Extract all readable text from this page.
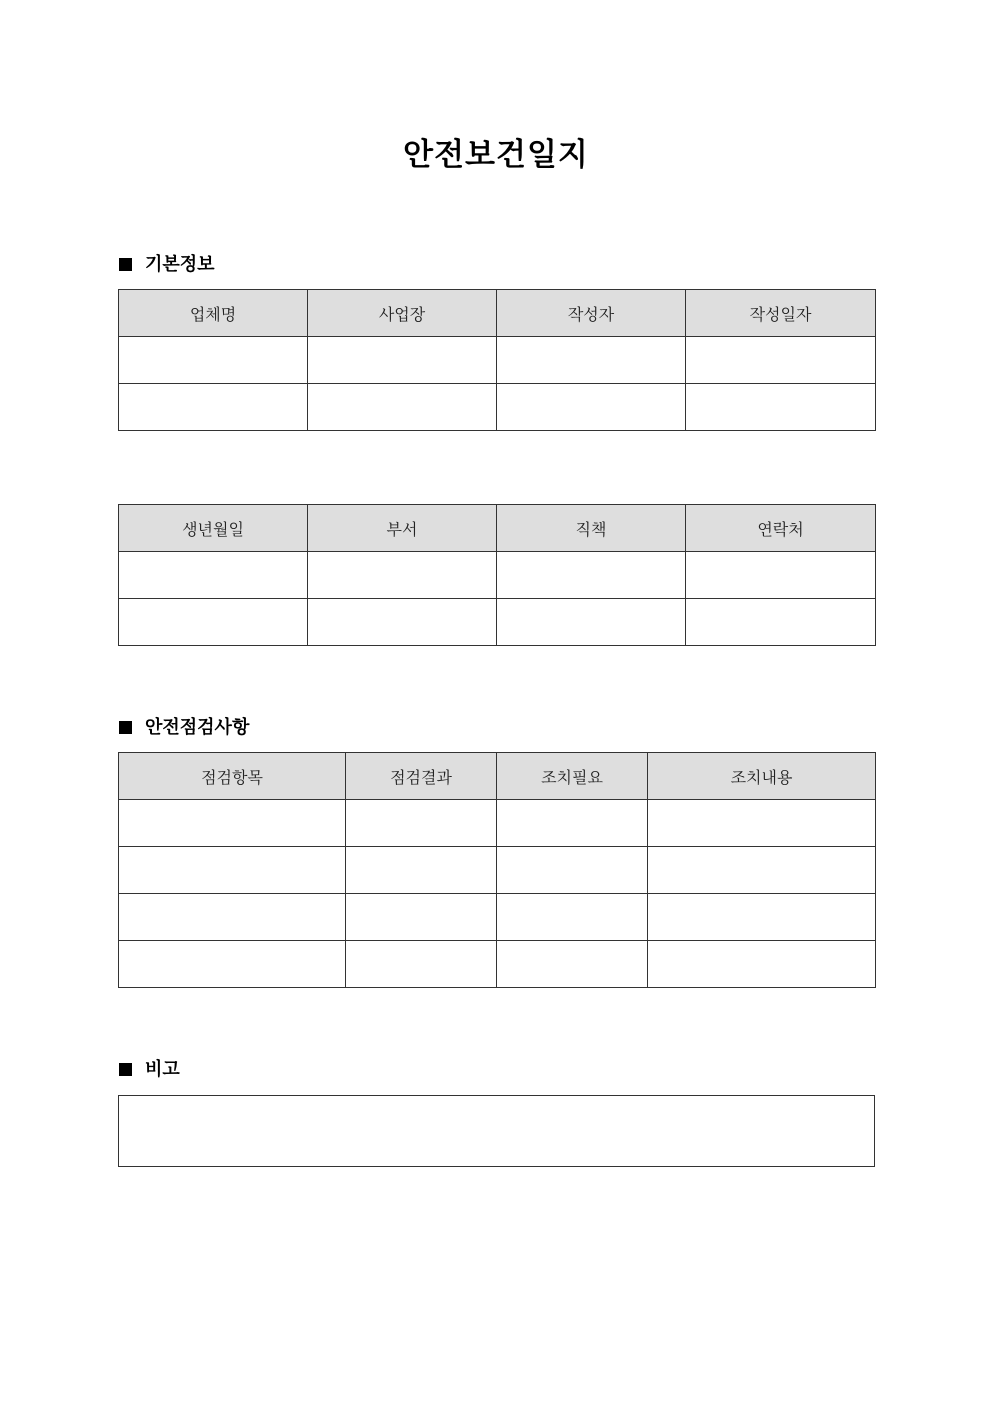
안전보건일지
기본정보
업체명	사업장	작성자	작성일자

생년월일	부서	직책	연락처

안전점검사항
점검항목	점검결과	조치필요	조치내용

비고
